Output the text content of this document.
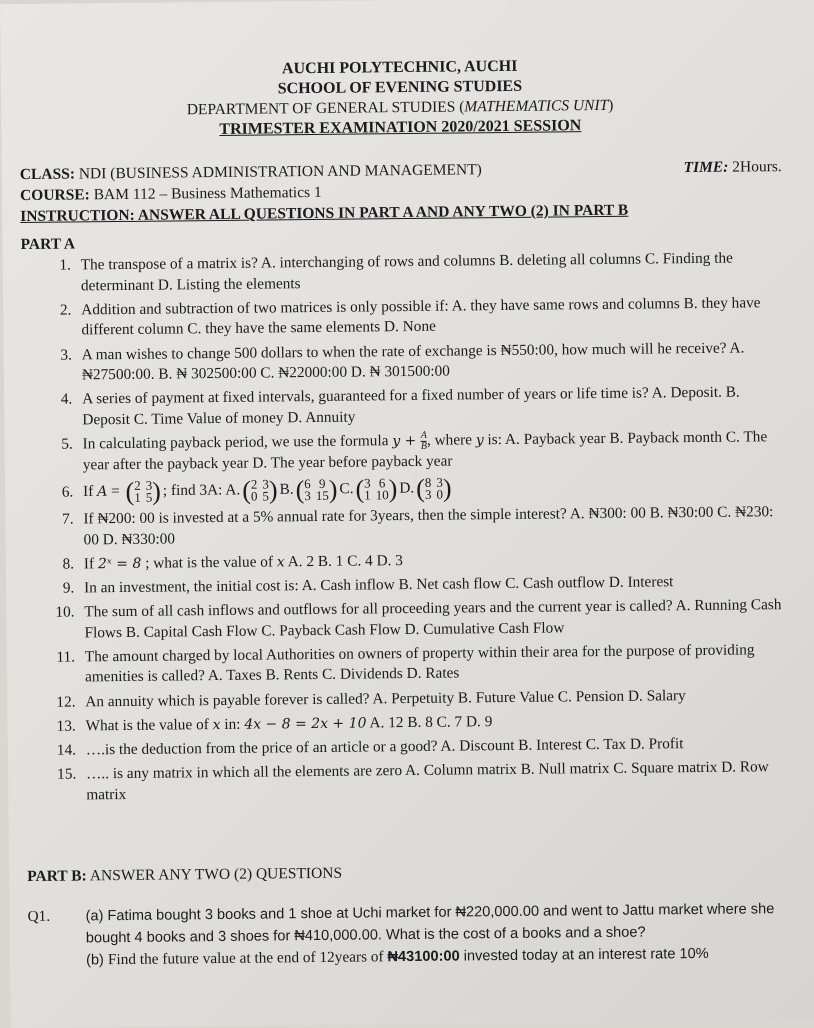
AUCHI POLYTECHNIC, AUCHI
SCHOOL OF EVENING STUDIES
DEPARTMENT OF GENERAL STUDIES (MATHEMATICS UNIT)
TRIMESTER EXAMINATION 2020/2021 SESSION
CLASS: NDI (BUSINESS ADMINISTRATION AND MANAGEMENT)	TIME: 2Hours.
COURSE: BAM 112 – Business Mathematics 1
INSTRUCTION: ANSWER ALL QUESTIONS IN PART A AND ANY TWO (2) IN PART B
PART A
1. The transpose of a matrix is? A. interchanging of rows and columns B. deleting all columns C. Finding the determinant D. Listing the elements
2. Addition and subtraction of two matrices is only possible if: A. they have same rows and columns B. they have different column C. they have the same elements D. None
3. A man wishes to change 500 dollars to when the rate of exchange is ₦550:00, how much will he receive? A. ₦27500:00. B. ₦ 302500:00 C. ₦22000:00 D. ₦ 301500:00
4. A series of payment at fixed intervals, guaranteed for a fixed number of years or life time is? A. Deposit. B. Deposit C. Time Value of money D. Annuity
5. In calculating payback period, we use the formula $y + \frac{A}{B}$ , where y is: A. Payback year B. Payback month C. The year after the payback year D. The year before payback year
6. If A = ( 2 3
1 5 ) ; find 3A: A. ( 2 3
0 5 ) B. ( 6 9
3 15 ) C. ( 3 6
1 10 ) D. ( 8 3
3 0 )
7. If ₦200: 00 is invested at a 5% annual rate for 3years, then the simple interest? A. ₦300: 00 B. ₦30:00 C. ₦230: 00 D. ₦330:00
8. If 2ˣ = 8 ; what is the value of x A. 2 B. 1 C. 4 D. 3
9. In an investment, the initial cost is: A. Cash inflow B. Net cash flow C. Cash outflow D. Interest
10. The sum of all cash inflows and outflows for all proceeding years and the current year is called? A. Running Cash Flows B. Capital Cash Flow C. Payback Cash Flow D. Cumulative Cash Flow
11. The amount charged by local Authorities on owners of property within their area for the purpose of providing amenities is called? A. Taxes B. Rents C. Dividends D. Rates
12. An annuity which is payable forever is called? A. Perpetuity B. Future Value C. Pension D. Salary
13. What is the value of x in: 4x − 8 = 2x + 10 A. 12 B. 8 C. 7 D. 9
14. ….is the deduction from the price of an article or a good? A. Discount B. Interest C. Tax D. Profit
15. ….. is any matrix in which all the elements are zero A. Column matrix B. Null matrix C. Square matrix D. Row matrix
PART B: ANSWER ANY TWO (2) QUESTIONS
Q1.	(a) Fatima bought 3 books and 1 shoe at Uchi market for ₦220,000.00 and went to Jattu market where she bought 4 books and 3 shoes for ₦410,000.00. What is the cost of a books and a shoe?
(b) Find the future value at the end of 12years of ₦43100:00 invested today at an interest rate 10%
